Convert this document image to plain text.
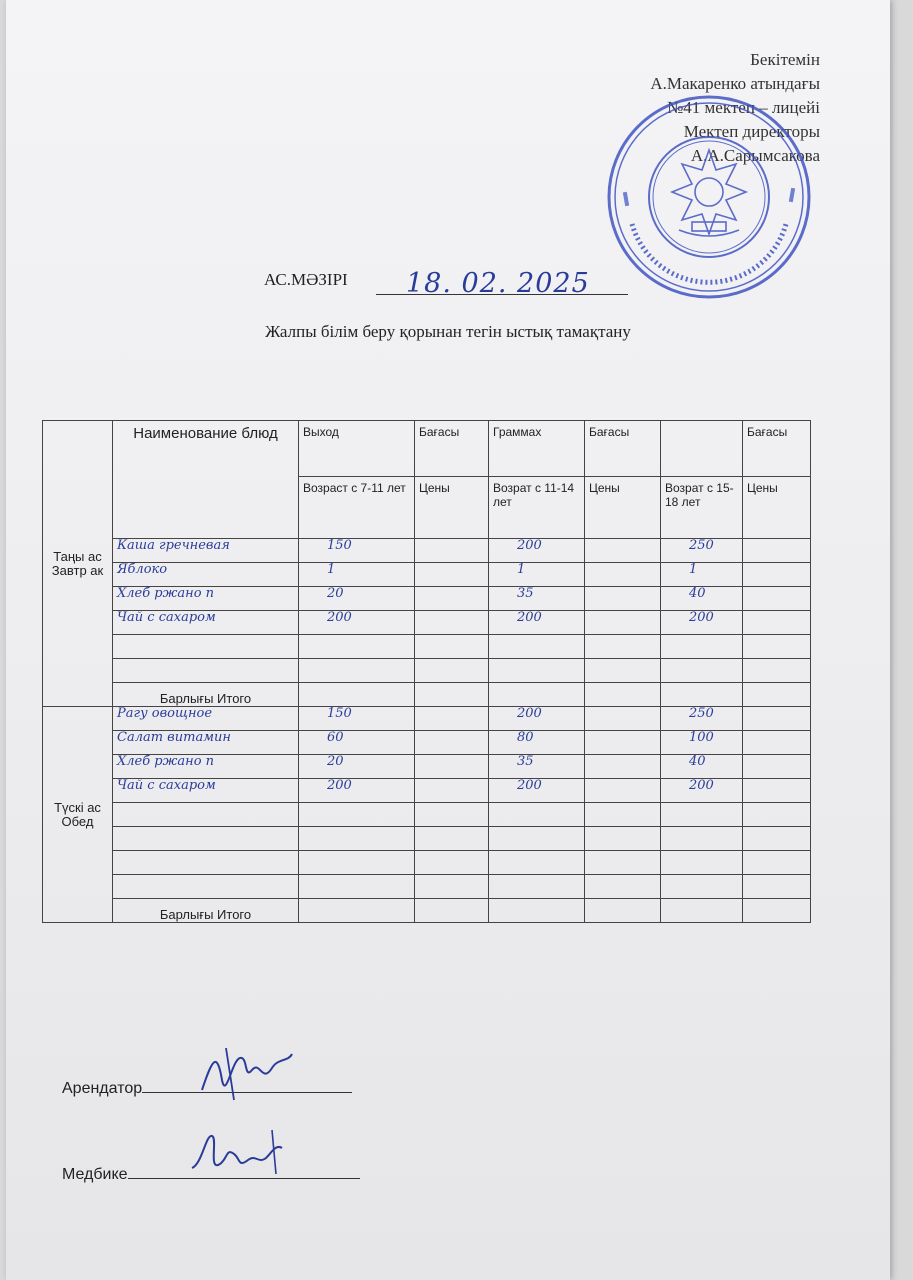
Бекітемін
А.Макаренко атындағы
№41 мектеп – лицейі
Мектеп директоры
А.А.Сарымсакова
АС.МӘЗІРІ 18. 02. 2025
Жалпы білім беру қорынан тегін ыстық тамақтану
Таңы ас Завтр ак	Наименование блюд	Выход	Бағасы	Граммах	Бағасы		Бағасы
		Возраст с 7-11 лет	Цены	Возрат с 11-14 лет	Цены	Возрат с 15-18 лет	Цены
	Каша гречневая	150		200		250	
	Яблоко	1		1		1	
	Хлеб ржано п	20		35		40	
	Чай с сахаром	200		200		200	

	Барлығы Итого						
Түскі ас Обед	Рагу овощное	150		200		250	
	Салат витамин	60		80		100	
	Хлеб ржано п	20		35		40	
	Чай с сахаром	200		200		200	

	Барлығы Итого						
Арендатор
Медбике
